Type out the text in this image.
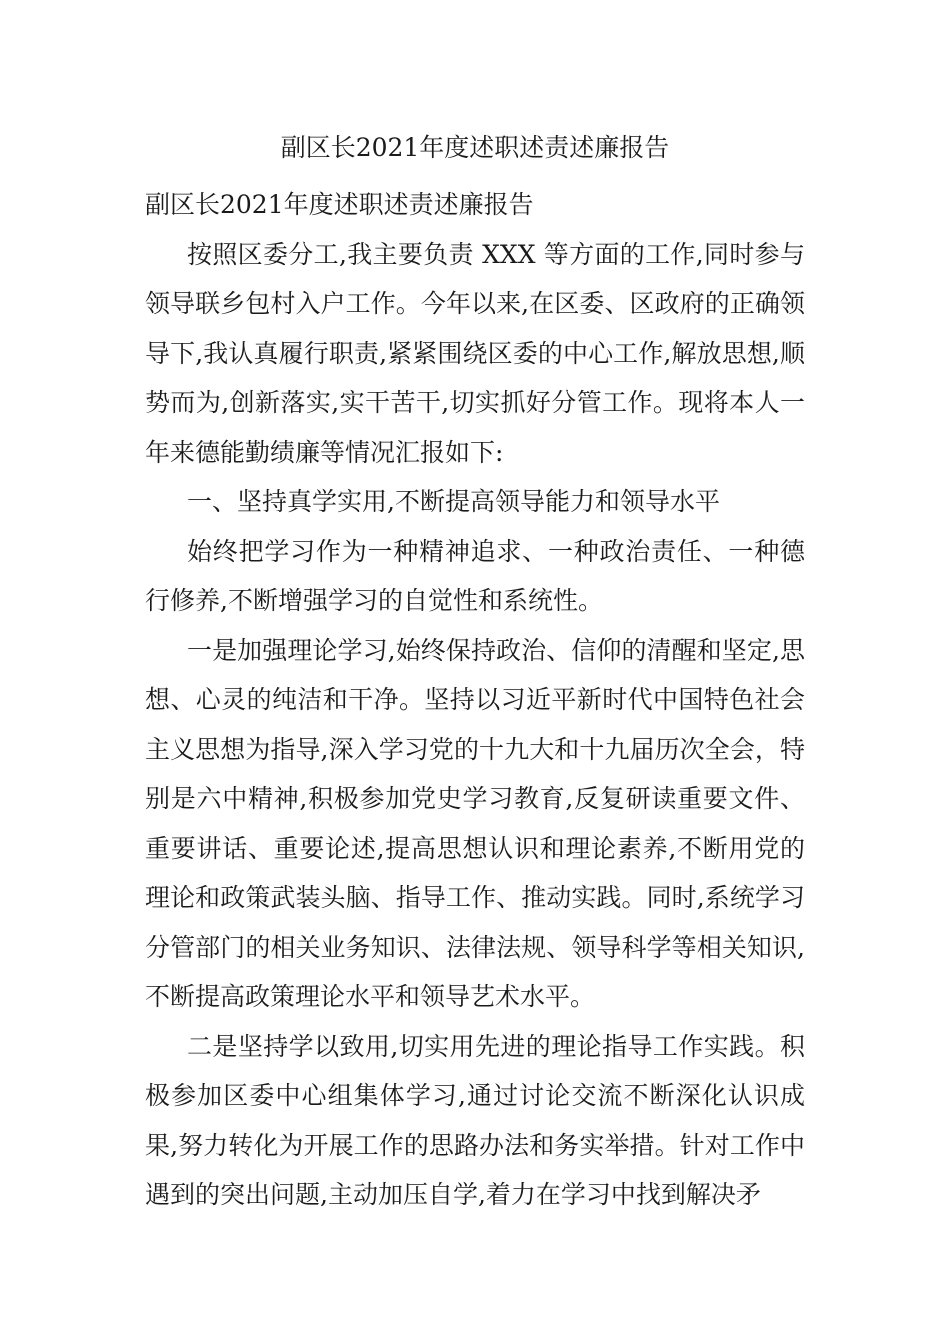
副区长2021年度述职述责述廉报告

副区长2021年度述职述责述廉报告

按照区委分工,我主要负责 XXX 等方面的工作,同时参与领导联乡包村入户工作。今年以来,在区委、区政府的正确领导下,我认真履行职责,紧紧围绕区委的中心工作,解放思想,顺势而为,创新落实,实干苦干,切实抓好分管工作。现将本人一年来德能勤绩廉等情况汇报如下:

一、坚持真学实用,不断提高领导能力和领导水平

始终把学习作为一种精神追求、一种政治责任、一种德行修养,不断增强学习的自觉性和系统性。

一是加强理论学习,始终保持政治、信仰的清醒和坚定,思想、心灵的纯洁和干净。坚持以习近平新时代中国特色社会主义思想为指导,深入学习党的十九大和十九届历次全会，特别是六中精神,积极参加党史学习教育,反复研读重要文件、重要讲话、重要论述,提高思想认识和理论素养,不断用党的理论和政策武装头脑、指导工作、推动实践。同时,系统学习分管部门的相关业务知识、法律法规、领导科学等相关知识,不断提高政策理论水平和领导艺术水平。

二是坚持学以致用,切实用先进的理论指导工作实践。积极参加区委中心组集体学习,通过讨论交流不断深化认识成果,努力转化为开展工作的思路办法和务实举措。针对工作中遇到的突出问题,主动加压自学,着力在学习中找到解决矛
